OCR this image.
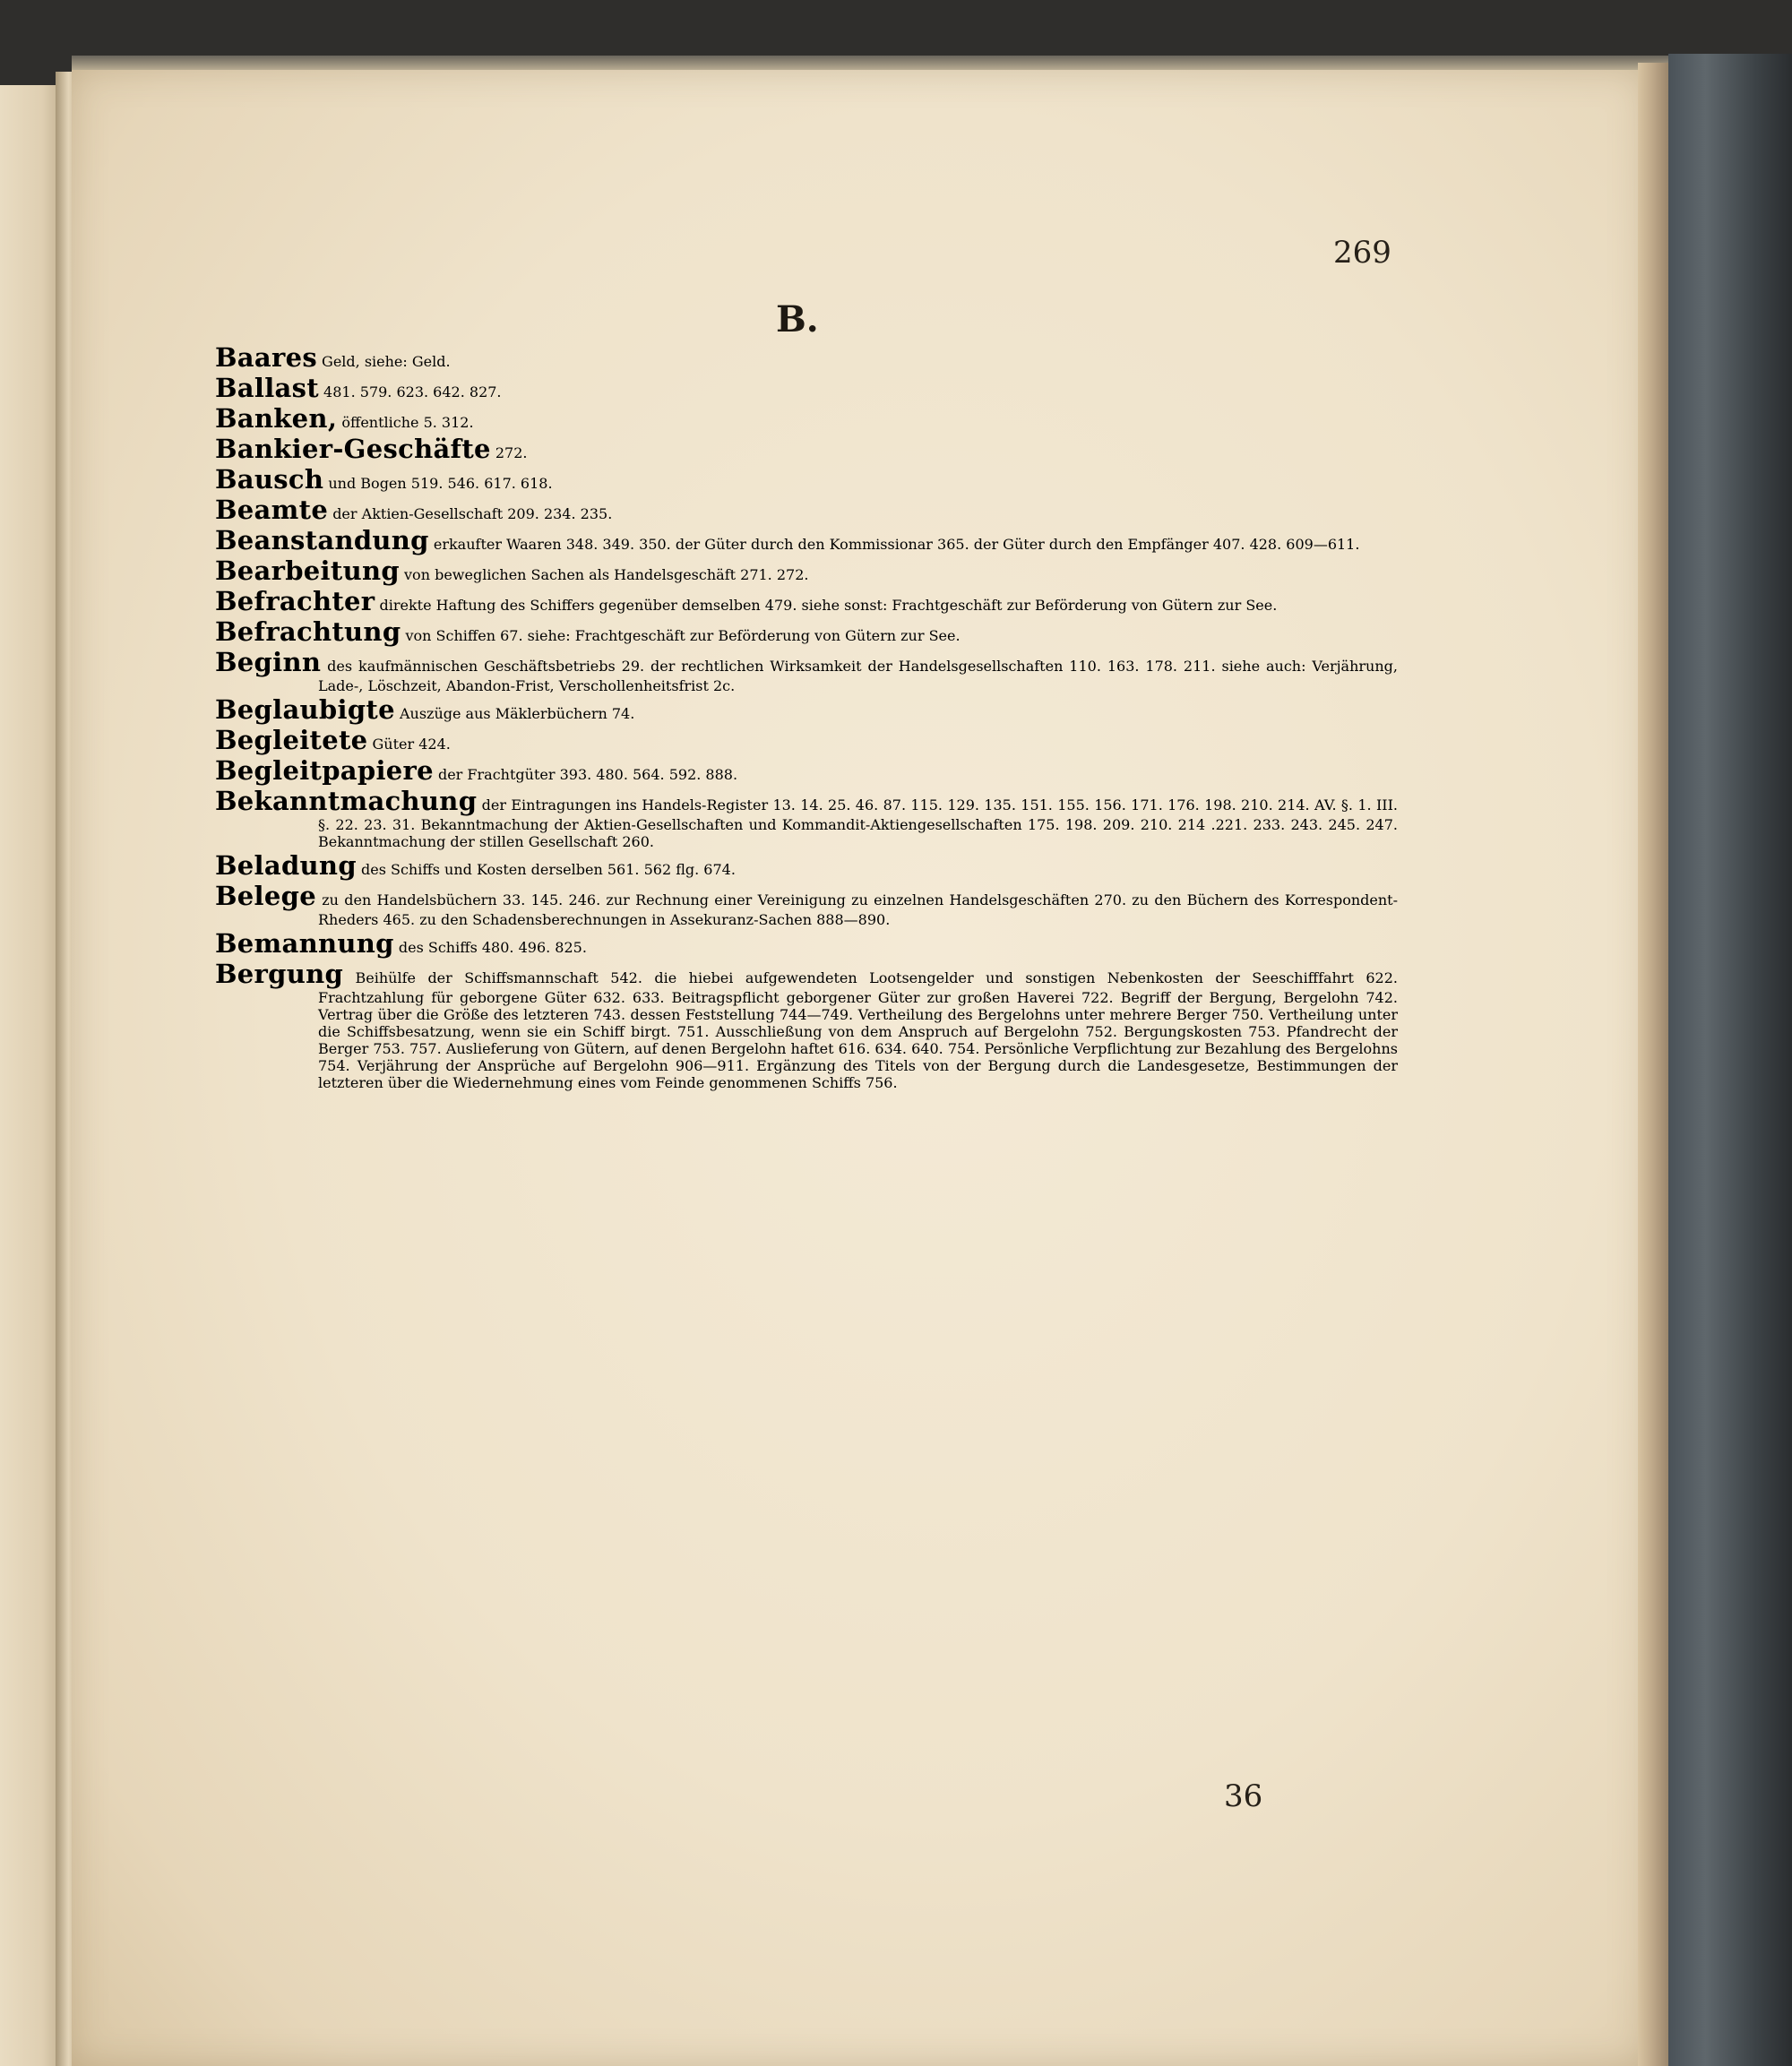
269
B.

Baares Geld, siehe: Geld.

Ballast 481. 579. 623. 642. 827.

Banken, öffentliche 5. 312.

Bankier-Geschäfte 272.

Bausch und Bogen 519. 546. 617. 618.

Beamte der Aktien-Gesellschaft 209. 234. 235.

Beanstandung erkaufter Waaren 348. 349. 350. der Güter durch den Kommissionar 365. der Güter durch den Empfänger 407. 428. 609—611.

Bearbeitung von beweglichen Sachen als Handelsgeschäft 271. 272.

Befrachter direkte Haftung des Schiffers gegenüber demselben 479. siehe sonst: Frachtgeschäft zur Beförderung von Gütern zur See.

Befrachtung von Schiffen 67. siehe: Frachtgeschäft zur Beförderung von Gütern zur See.

Beginn des kaufmännischen Geschäftsbetriebs 29. der rechtlichen Wirksamkeit der Handelsgesellschaften 110. 163. 178. 211. siehe auch: Verjährung, Lade-, Löschzeit, Abandon-Frist, Verschollenheitsfrist 2c.

Beglaubigte Auszüge aus Mäklerbüchern 74.

Begleitete Güter 424.

Begleitpapiere der Frachtgüter 393. 480. 564. 592. 888.

Bekanntmachung der Eintragungen ins Handels-Register 13. 14. 25. 46. 87. 115. 129. 135. 151. 155. 156. 171. 176. 198. 210. 214. AV. §. 1. III. §. 22. 23. 31. Bekanntmachung der Aktien-Gesellschaften und Kommandit-Aktiengesellschaften 175. 198. 209. 210. 214 .221. 233. 243. 245. 247. Bekanntmachung der stillen Gesellschaft 260.

Beladung des Schiffs und Kosten derselben 561. 562 flg. 674.

Belege zu den Handelsbüchern 33. 145. 246. zur Rechnung einer Vereinigung zu einzelnen Handelsgeschäften 270. zu den Büchern des Korrespondent-Rheders 465. zu den Schadensberechnungen in Assekuranz-Sachen 888—890.

Bemannung des Schiffs 480. 496. 825.

Bergung Beihülfe der Schiffsmannschaft 542. die hiebei aufgewendeten Lootsengelder und sonstigen Nebenkosten der Seeschifffahrt 622. Frachtzahlung für geborgene Güter 632. 633. Beitragspflicht geborgener Güter zur großen Haverei 722. Begriff der Bergung, Bergelohn 742. Vertrag über die Größe des letzteren 743. dessen Feststellung 744—749. Vertheilung des Bergelohns unter mehrere Berger 750. Vertheilung unter die Schiffsbesatzung, wenn sie ein Schiff birgt. 751. Ausschließung von dem Anspruch auf Bergelohn 752. Bergungskosten 753. Pfandrecht der Berger 753. 757. Auslieferung von Gütern, auf denen Bergelohn haftet 616. 634. 640. 754. Persönliche Verpflichtung zur Bezahlung des Bergelohns 754. Verjährung der Ansprüche auf Bergelohn 906—911. Ergänzung des Titels von der Bergung durch die Landesgesetze, Bestimmungen der letzteren über die Wiedernehmung eines vom Feinde genommenen Schiffs 756.

36
